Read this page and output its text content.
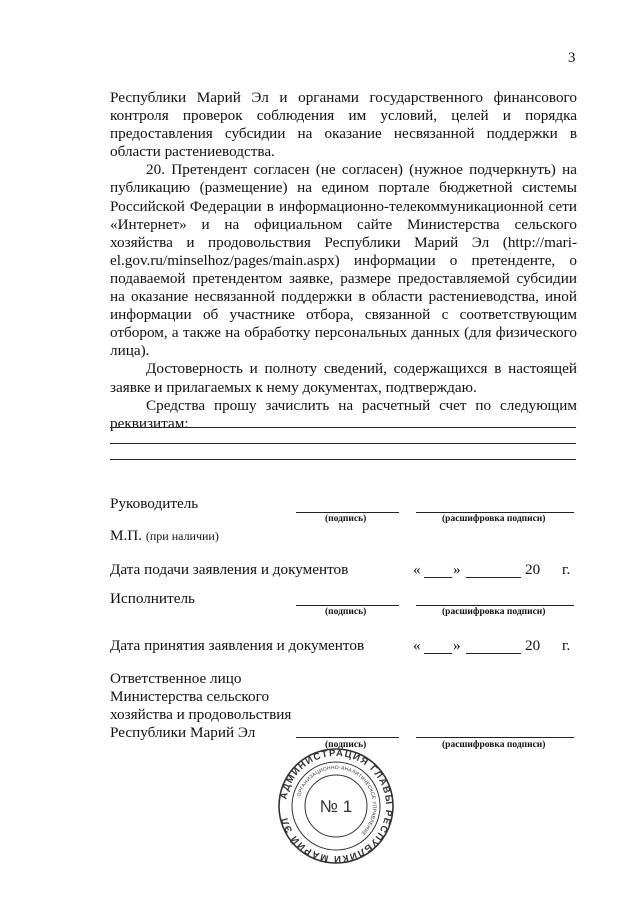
3

Республики Марий Эл и органами государственного финансового контроля проверок соблюдения им условий, целей и порядка предоставления субсидии на оказание несвязанной поддержки в области растениеводства.

20. Претендент согласен (не согласен) (нужное подчеркнуть) на публикацию (размещение) на едином портале бюджетной системы Российской Федерации в информационно-телекоммуникационной сети «Интернет» и на официальном сайте Министерства сельского хозяйства и продовольствия Республики Марий Эл (http://mari-el.gov.ru/minselhoz/pages/main.aspx) информации о претенденте, о подаваемой претендентом заявке, размере предоставляемой субсидии на оказание несвязанной поддержки в области растениеводства, иной информации об участнике отбора, связанной с соответствующим отбором, а также на обработку персональных данных (для физического лица).

Достоверность и полноту сведений, содержащихся в настоящей заявке и прилагаемых к нему документах, подтверждаю.

Средства прошу зачислить на расчетный счет по следующим реквизитам:

Руководитель
(подпись)	(расшифровка подписи)
М.П. (при наличии)
Дата подачи заявления и документов	« »	20 г.
Исполнитель
(подпись)	(расшифровка подписи)
Дата принятия заявления и документов	« »	20 г.
Ответственное лицо
Министерства сельского
хозяйства и продовольствия
Республики Марий Эл
(подпись)	(расшифровка подписи)
АДМИНИСТРАЦИЯ ГЛАВЫ РЕСПУБЛИКИ МАРИЙ ЭЛ
ОРГАНИЗАЦИОННО-АНАЛИТИЧЕСКОЕ УПРАВЛЕНИЕ
№ 1
